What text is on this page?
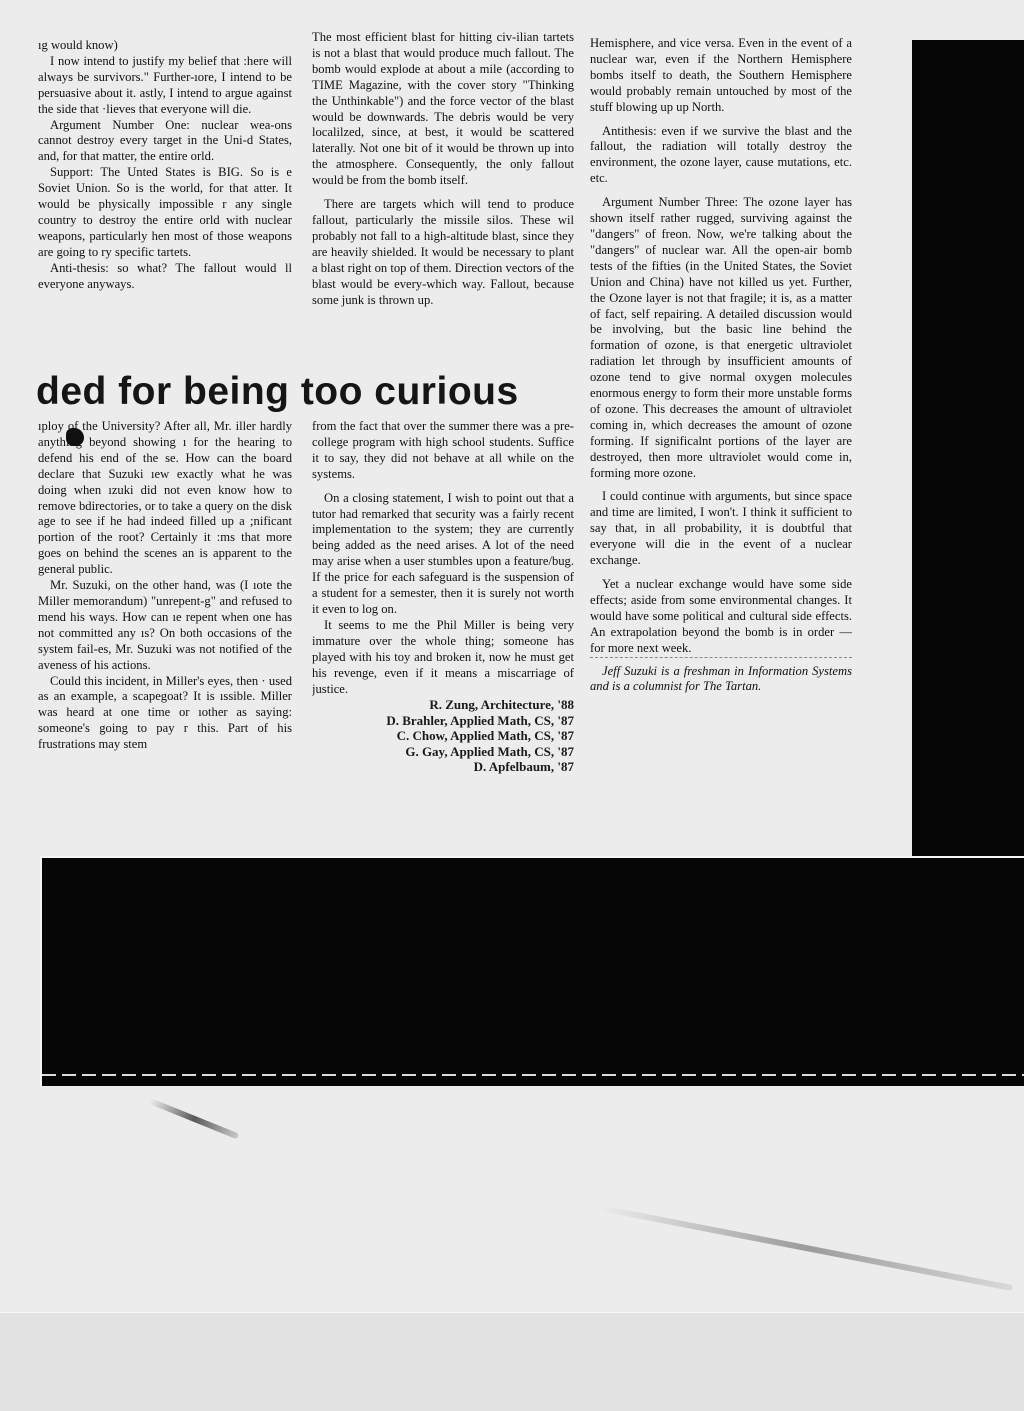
ıg would know)

I now intend to justify my belief that :here will always be survivors." Further-ıore, I intend to be persuasive about it. astly, I intend to argue against the side that ·lieves that everyone will die.

Argument Number One: nuclear wea-ons cannot destroy every target in the Uni-d States, and, for that matter, the entire orld.

Support: The Unted States is BIG. So is e Soviet Union. So is the world, for that atter. It would be physically impossible r any single country to destroy the entire orld with nuclear weapons, particularly hen most of those weapons are going to ry specific tartets.

Anti-thesis: so what? The fallout would ll everyone anyways.

The most efficient blast for hitting civ-ilian tartets is not a blast that would produce much fallout. The bomb would explode at about a mile (according to TIME Magazine, with the cover story "Thinking the Unthinkable") and the force vector of the blast would be downwards. The debris would be very localilzed, since, at best, it would be scattered laterally. Not one bit of it would be thrown up into the atmosphere. Consequently, the only fallout would be from the bomb itself.

There are targets which will tend to produce fallout, particularly the missile silos. These wil probably not fall to a high-altitude blast, since they are heavily shielded. It would be necessary to plant a blast right on top of them. Direction vectors of the blast would be every-which way. Fallout, because some junk is thrown up.

ded for being too curious

ıploy of the University? After all, Mr. iller hardly anything beyond showing ı for the hearing to defend his end of the se. How can the board declare that Suzuki ıew exactly what he was doing when ızuki did not even know how to remove bdirectories, or to take a query on the disk age to see if he had indeed filled up a ;nificant portion of the root? Certainly it :ms that more goes on behind the scenes an is apparent to the general public.

Mr. Suzuki, on the other hand, was (I ıote the Miller memorandum) "unrepent-g" and refused to mend his ways. How can ıe repent when one has not committed any ıs? On both occasions of the system fail-es, Mr. Suzuki was not notified of the aveness of his actions.

Could this incident, in Miller's eyes, then · used as an example, a scapegoat? It is ıssible. Miller was heard at one time or ıother as saying: someone's going to pay r this. Part of his frustrations may stem

from the fact that over the summer there was a pre-college program with high school students. Suffice it to say, they did not behave at all while on the systems.

On a closing statement, I wish to point out that a tutor had remarked that security was a fairly recent implementation to the system; they are currently being added as the need arises. A lot of the need may arise when a user stumbles upon a feature/bug. If the price for each safeguard is the suspension of a student for a semester, then it is surely not worth it even to log on.

It seems to me the Phil Miller is being very immature over the whole thing; someone has played with his toy and broken it, now he must get his revenge, even if it means a miscarriage of justice.

R. Zung, Architecture, '88
D. Brahler, Applied Math, CS, '87
C. Chow, Applied Math, CS, '87
G. Gay, Applied Math, CS, '87
D. Apfelbaum, '87

Hemisphere, and vice versa. Even in the event of a nuclear war, even if the Northern Hemisphere bombs itself to death, the Southern Hemisphere would probably remain untouched by most of the stuff blowing up up North.

Antithesis: even if we survive the blast and the fallout, the radiation will totally destroy the environment, the ozone layer, cause mutations, etc. etc.

Argument Number Three: The ozone layer has shown itself rather rugged, surviving against the "dangers" of freon. Now, we're talking about the "dangers" of nuclear war. All the open-air bomb tests of the fifties (in the United States, the Soviet Union and China) have not killed us yet. Further, the Ozone layer is not that fragile; it is, as a matter of fact, self repairing. A detailed discussion would be involving, but the basic line behind the formation of ozone, is that energetic ultraviolet radiation let through by insufficient amounts of ozone tend to give normal oxygen molecules enormous energy to form their more unstable forms of ozone. This decreases the amount of ultraviolet coming in, which decreases the amount of ozone forming. If significalnt portions of the layer are destroyed, then more ultraviolet would come in, forming more ozone.

I could continue with arguments, but since space and time are limited, I won't. I think it sufficient to say that, in all probability, it is doubtful that everyone will die in the event of a nuclear exchange.

Yet a nuclear exchange would have some side effects; aside from some environmental changes. It would have some political and cultural side effects. An extrapolation beyond the bomb is in order — for more next week.

Jeff Suzuki is a freshman in Information Systems and is a columnist for The Tartan.
